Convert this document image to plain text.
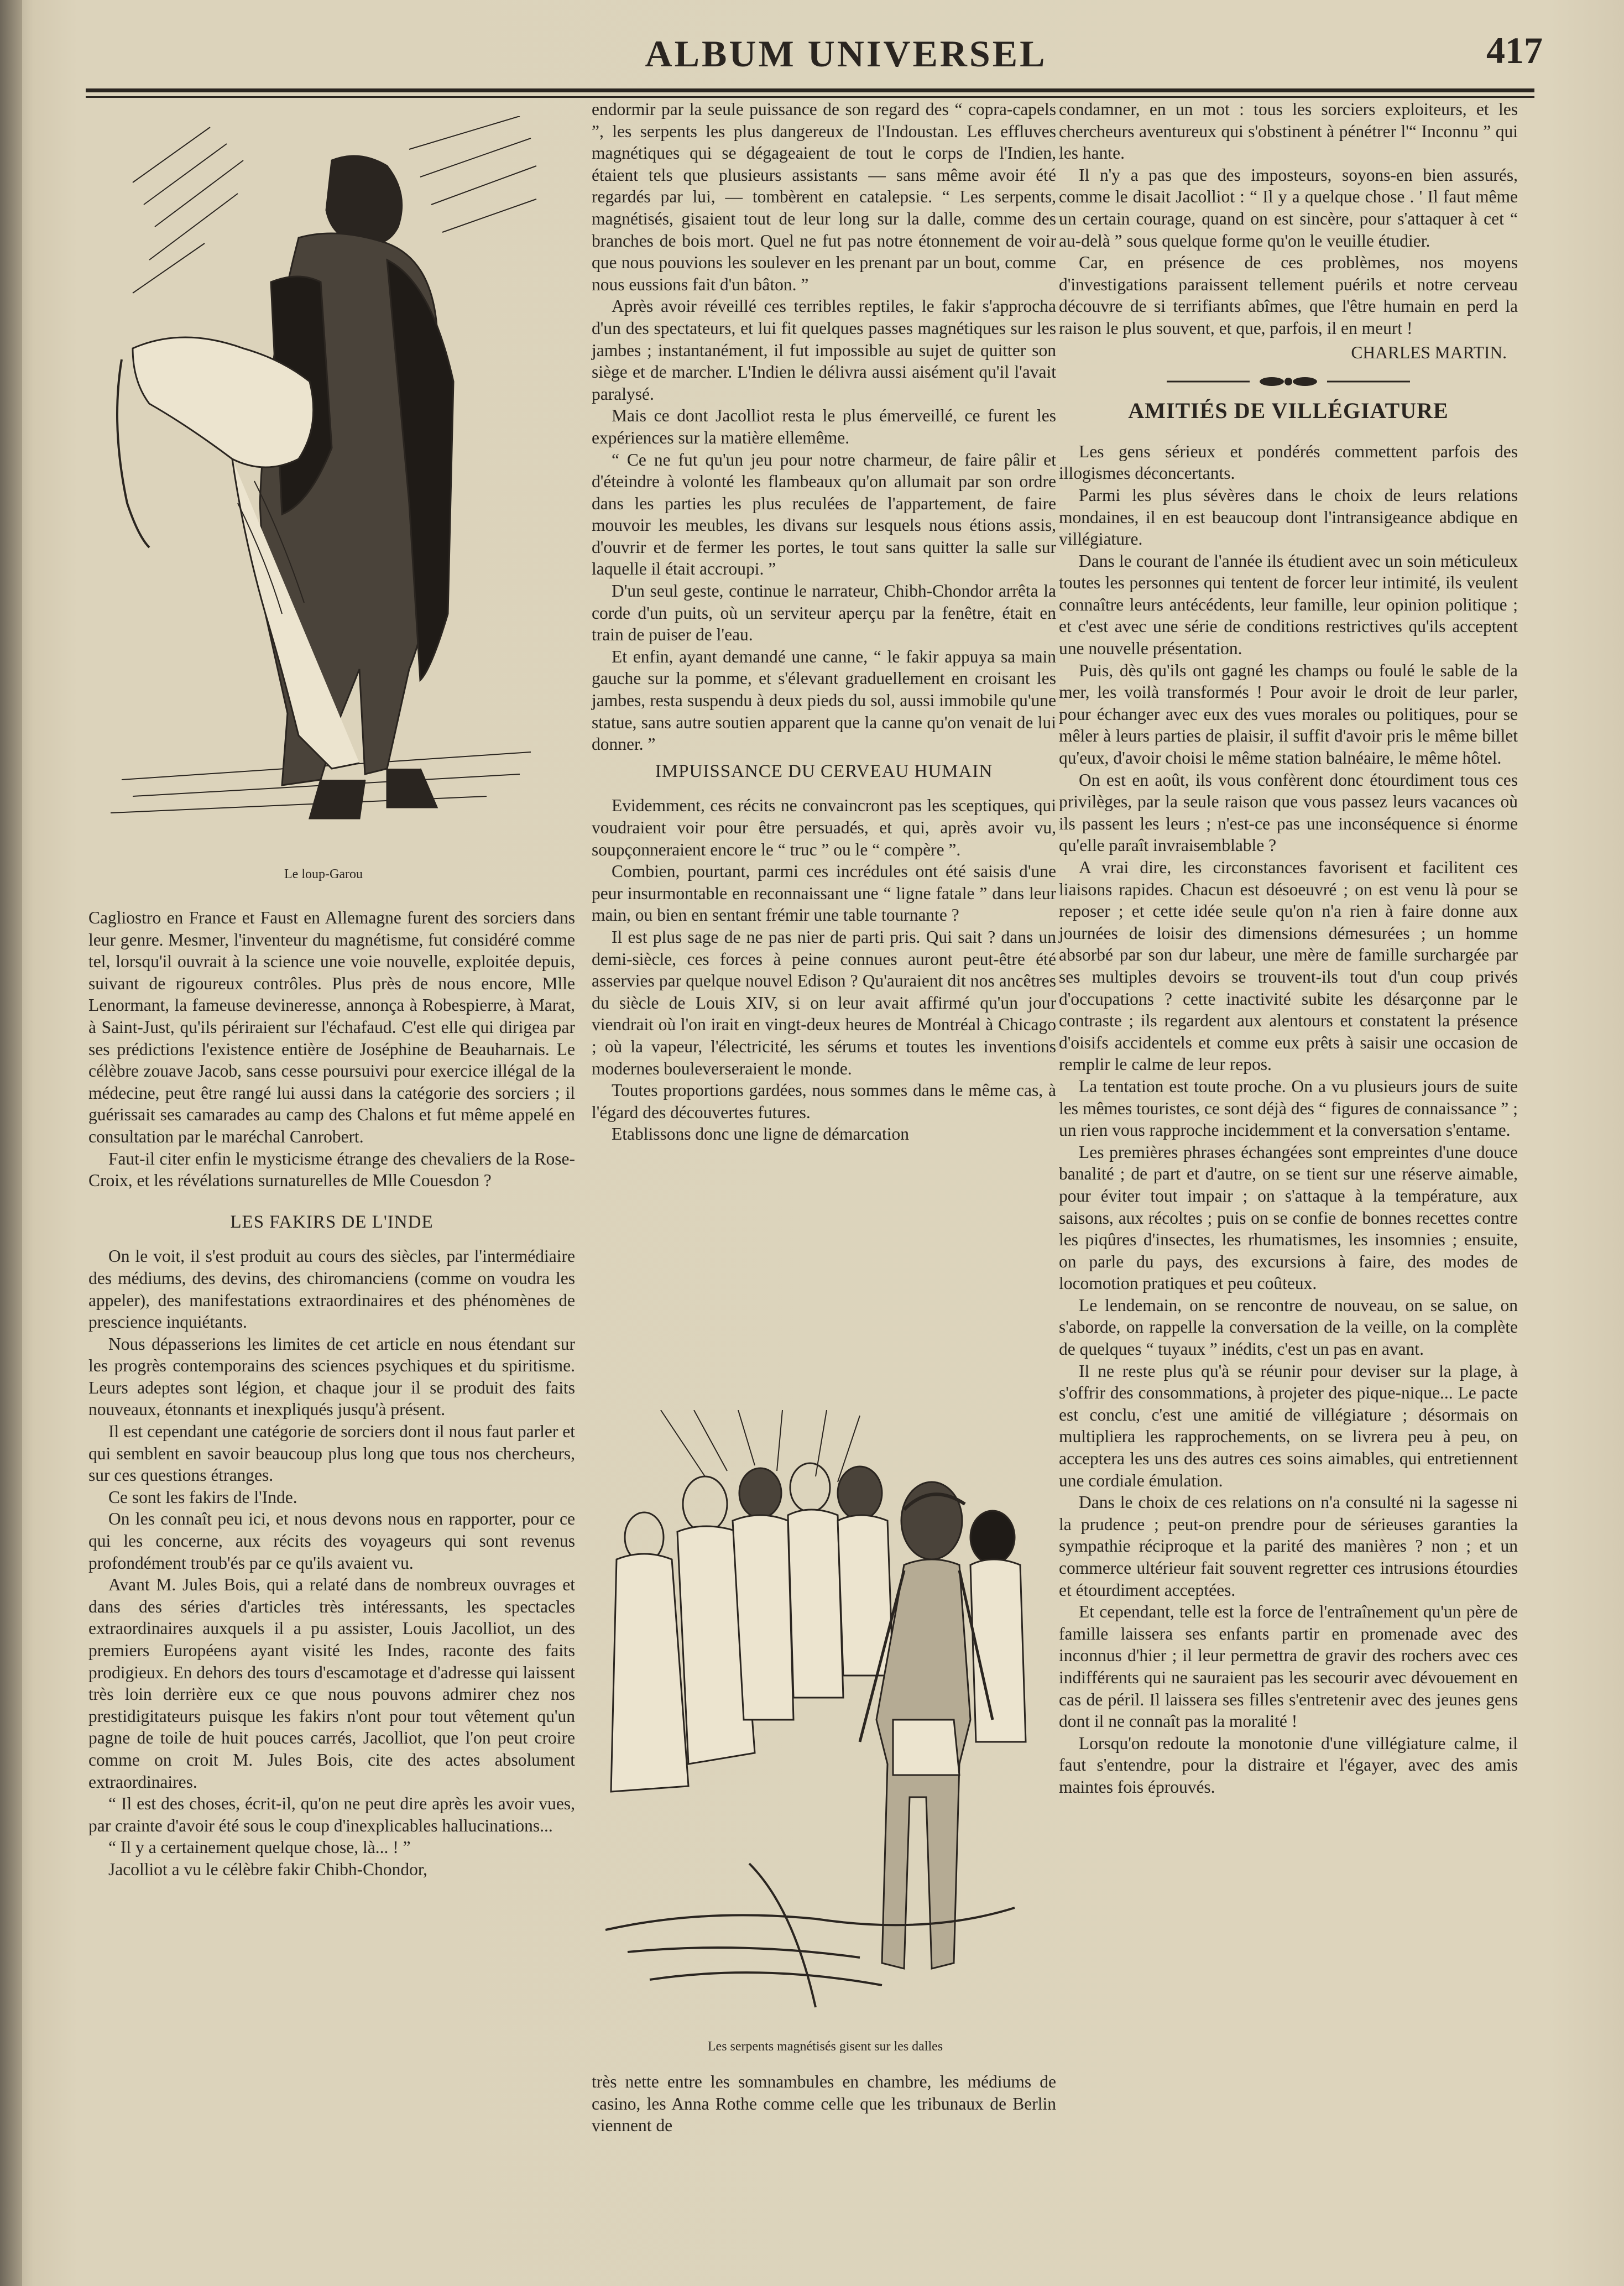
ALBUM UNIVERSEL	417
Le loup-Garou

Cagliostro en France et Faust en Allemagne furent des sorciers dans leur genre. Mesmer, l'inventeur du magnétisme, fut considéré comme tel, lorsqu'il ouvrait à la science une voie nouvelle, exploitée depuis, suivant de rigoureux contrôles. Plus près de nous encore, Mlle Lenormant, la fameuse devineresse, annonça à Robespierre, à Marat, à Saint-Just, qu'ils périraient sur l'échafaud. C'est elle qui dirigea par ses prédictions l'existence entière de Joséphine de Beauharnais. Le célèbre zouave Jacob, sans cesse poursuivi pour exercice illégal de la médecine, peut être rangé lui aussi dans la catégorie des sorciers ; il guérissait ses camarades au camp des Chalons et fut même appelé en consultation par le maréchal Canrobert.

Faut-il citer enfin le mysticisme étrange des chevaliers de la Rose-Croix, et les révélations surnaturelles de Mlle Couesdon ?

LES FAKIRS DE L'INDE

On le voit, il s'est produit au cours des siècles, par l'intermédiaire des médiums, des devins, des chiromanciens (comme on voudra les appeler), des manifestations extraordinaires et des phénomènes de prescience inquiétants.

Nous dépasserions les limites de cet article en nous étendant sur les progrès contemporains des sciences psychiques et du spiritisme. Leurs adeptes sont légion, et chaque jour il se produit des faits nouveaux, étonnants et inexpliqués jusqu'à présent.

Il est cependant une catégorie de sorciers dont il nous faut parler et qui semblent en savoir beaucoup plus long que tous nos chercheurs, sur ces questions étranges.

Ce sont les fakirs de l'Inde.

On les connaît peu ici, et nous devons nous en rapporter, pour ce qui les concerne, aux récits des voyageurs qui sont revenus profondément troub'és par ce qu'ils avaient vu.

Avant M. Jules Bois, qui a relaté dans de nombreux ouvrages et dans des séries d'articles très intéressants, les spectacles extraordinaires auxquels il a pu assister, Louis Jacolliot, un des premiers Européens ayant visité les Indes, raconte des faits prodigieux. En dehors des tours d'escamotage et d'adresse qui laissent très loin derrière eux ce que nous pouvons admirer chez nos prestidigitateurs puisque les fakirs n'ont pour tout vêtement qu'un pagne de toile de huit pouces carrés, Jacolliot, que l'on peut croire comme on croit M. Jules Bois, cite des actes absolument extraordinaires.

“ Il est des choses, écrit-il, qu'on ne peut dire après les avoir vues, par crainte d'avoir été sous le coup d'inexplicables hallucinations...

“ Il y a certainement quelque chose, là... ! ”

Jacolliot a vu le célèbre fakir Chibh-Chondor,

endormir par la seule puissance de son regard des “ copra-capels ”, les serpents les plus dangereux de l'Indoustan. Les effluves magnétiques qui se dégageaient de tout le corps de l'Indien, étaient tels que plusieurs assistants — sans même avoir été regardés par lui, — tombèrent en catalepsie. “ Les serpents, magnétisés, gisaient tout de leur long sur la dalle, comme des branches de bois mort. Quel ne fut pas notre étonnement de voir que nous pouvions les soulever en les prenant par un bout, comme nous eussions fait d'un bâton. ”

Après avoir réveillé ces terribles reptiles, le fakir s'approcha d'un des spectateurs, et lui fit quelques passes magnétiques sur les jambes ; instantanément, il fut impossible au sujet de quitter son siège et de marcher. L'Indien le délivra aussi aisément qu'il l'avait paralysé.

Mais ce dont Jacolliot resta le plus émerveillé, ce furent les expériences sur la matière ellemême.

“ Ce ne fut qu'un jeu pour notre charmeur, de faire pâlir et d'éteindre à volonté les flambeaux qu'on allumait par son ordre dans les parties les plus reculées de l'appartement, de faire mouvoir les meubles, les divans sur lesquels nous étions assis, d'ouvrir et de fermer les portes, le tout sans quitter la salle sur laquelle il était accroupi. ”

D'un seul geste, continue le narrateur, Chibh-Chondor arrêta la corde d'un puits, où un serviteur aperçu par la fenêtre, était en train de puiser de l'eau.

Et enfin, ayant demandé une canne, “ le fakir appuya sa main gauche sur la pomme, et s'élevant graduellement en croisant les jambes, resta suspendu à deux pieds du sol, aussi immobile qu'une statue, sans autre soutien apparent que la canne qu'on venait de lui donner. ”

IMPUISSANCE DU CERVEAU HUMAIN

Evidemment, ces récits ne convaincront pas les sceptiques, qui voudraient voir pour être persuadés, et qui, après avoir vu, soupçonneraient encore le “ truc ” ou le “ compère ”.

Combien, pourtant, parmi ces incrédules ont été saisis d'une peur insurmontable en reconnaissant une “ ligne fatale ” dans leur main, ou bien en sentant frémir une table tournante ?

Il est plus sage de ne pas nier de parti pris. Qui sait ? dans un demi-siècle, ces forces à peine connues auront peut-être été asservies par quelque nouvel Edison ? Qu'auraient dit nos ancêtres du siècle de Louis XIV, si on leur avait affirmé qu'un jour viendrait où l'on irait en vingt-deux heures de Montréal à Chicago ; où la vapeur, l'électricité, les sérums et toutes les inventions modernes bouleverseraient le monde.

Toutes proportions gardées, nous sommes dans le même cas, à l'égard des découvertes futures.

Etablissons donc une ligne de démarcation

Les serpents magnétisés gisent sur les dalles

très nette entre les somnambules en chambre, les médiums de casino, les Anna Rothe comme celle que les tribunaux de Berlin viennent de

condamner, en un mot : tous les sorciers exploiteurs, et les chercheurs aventureux qui s'obstinent à pénétrer l'“ Inconnu ” qui les hante.

Il n'y a pas que des imposteurs, soyons-en bien assurés, comme le disait Jacolliot : “ Il y a quelque chose . ' Il faut même un certain courage, quand on est sincère, pour s'attaquer à cet “ au-delà ” sous quelque forme qu'on le veuille étudier.

Car, en présence de ces problèmes, nos moyens d'investigations paraissent tellement puérils et notre cerveau découvre de si terrifiants abîmes, que l'être humain en perd la raison le plus souvent, et que, parfois, il en meurt !

CHARLES MARTIN.
AMITIÉS DE VILLÉGIATURE

Les gens sérieux et pondérés commettent parfois des illogismes déconcertants.

Parmi les plus sévères dans le choix de leurs relations mondaines, il en est beaucoup dont l'intransigeance abdique en villégiature.

Dans le courant de l'année ils étudient avec un soin méticuleux toutes les personnes qui tentent de forcer leur intimité, ils veulent connaître leurs antécédents, leur famille, leur opinion politique ; et c'est avec une série de conditions restrictives qu'ils acceptent une nouvelle présentation.

Puis, dès qu'ils ont gagné les champs ou foulé le sable de la mer, les voilà transformés ! Pour avoir le droit de leur parler, pour échanger avec eux des vues morales ou politiques, pour se mêler à leurs parties de plaisir, il suffit d'avoir pris le même billet qu'eux, d'avoir choisi le même station balnéaire, le même hôtel.

On est en août, ils vous confèrent donc étourdiment tous ces privilèges, par la seule raison que vous passez leurs vacances où ils passent les leurs ; n'est-ce pas une inconséquence si énorme qu'elle paraît invraisemblable ?

A vrai dire, les circonstances favorisent et facilitent ces liaisons rapides. Chacun est désoeuvré ; on est venu là pour se reposer ; et cette idée seule qu'on n'a rien à faire donne aux journées de loisir des dimensions démesurées ; un homme absorbé par son dur labeur, une mère de famille surchargée par ses multiples devoirs se trouvent-ils tout d'un coup privés d'occupations ? cette inactivité subite les désarçonne par le contraste ; ils regardent aux alentours et constatent la présence d'oisifs accidentels et comme eux prêts à saisir une occasion de remplir le calme de leur repos.

La tentation est toute proche. On a vu plusieurs jours de suite les mêmes touristes, ce sont déjà des “ figures de connaissance ” ; un rien vous rapproche incidemment et la conversation s'entame.

Les premières phrases échangées sont empreintes d'une douce banalité ; de part et d'autre, on se tient sur une réserve aimable, pour éviter tout impair ; on s'attaque à la température, aux saisons, aux récoltes ; puis on se confie de bonnes recettes contre les piqûres d'insectes, les rhumatismes, les insomnies ; ensuite, on parle du pays, des excursions à faire, des modes de locomotion pratiques et peu coûteux.

Le lendemain, on se rencontre de nouveau, on se salue, on s'aborde, on rappelle la conversation de la veille, on la complète de quelques “ tuyaux ” inédits, c'est un pas en avant.

Il ne reste plus qu'à se réunir pour deviser sur la plage, à s'offrir des consommations, à projeter des pique-nique... Le pacte est conclu, c'est une amitié de villégiature ; désormais on multipliera les rapprochements, on se livrera peu à peu, on acceptera les uns des autres ces soins aimables, qui entretiennent une cordiale émulation.

Dans le choix de ces relations on n'a consulté ni la sagesse ni la prudence ; peut-on prendre pour de sérieuses garanties la sympathie réciproque et la parité des manières ? non ; et un commerce ultérieur fait souvent regretter ces intrusions étourdies et étourdiment acceptées.

Et cependant, telle est la force de l'entraînement qu'un père de famille laissera ses enfants partir en promenade avec des inconnus d'hier ; il leur permettra de gravir des rochers avec ces indifférents qui ne sauraient pas les secourir avec dévouement en cas de péril. Il laissera ses filles s'entretenir avec des jeunes gens dont il ne connaît pas la moralité !

Lorsqu'on redoute la monotonie d'une villégiature calme, il faut s'entendre, pour la distraire et l'égayer, avec des amis maintes fois éprouvés.
